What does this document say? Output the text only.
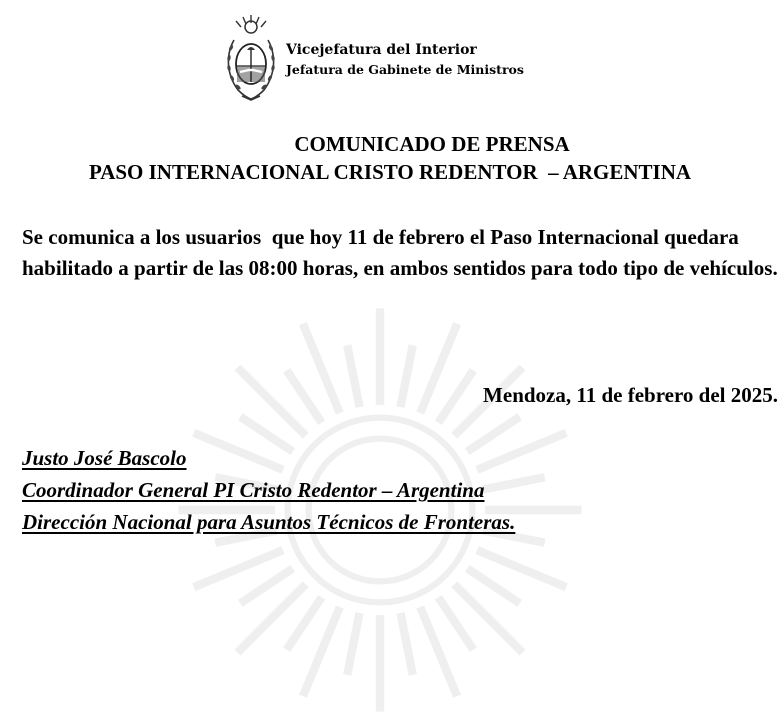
Vicejefatura del Interior
Jefatura de Gabinete de Ministros
COMUNICADO DE PRENSA
PASO INTERNACIONAL CRISTO REDENTOR  – ARGENTINA
Se comunica a los usuarios  que hoy 11 de febrero el Paso Internacional quedara habilitado a partir de las 08:00 horas, en ambos sentidos para todo tipo de vehículos.
Mendoza, 11 de febrero del 2025.
Justo José Bascolo
Coordinador General PI Cristo Redentor – Argentina
Dirección Nacional para Asuntos Técnicos de Fronteras.
